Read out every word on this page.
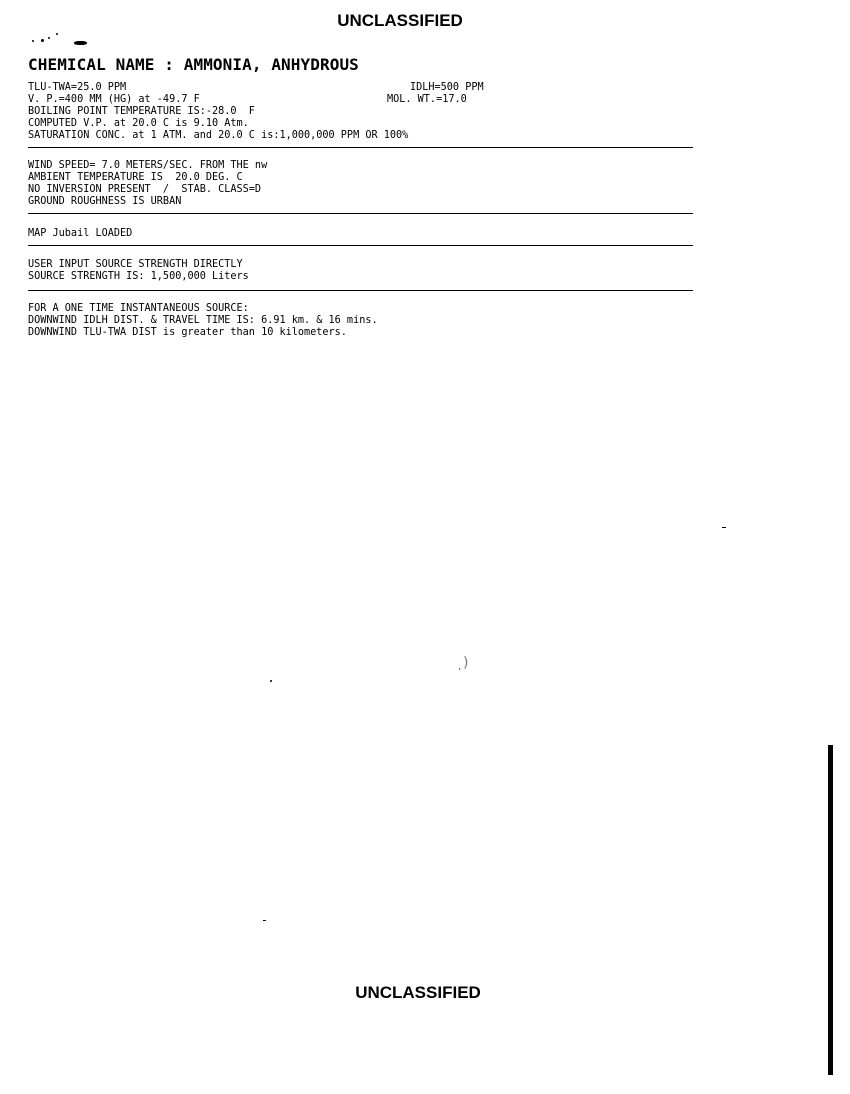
UNCLASSIFIED
CHEMICAL NAME : AMMONIA, ANHYDROUS
TLU-TWA=25.0 PPM	IDLH=500 PPM
V. P.=400 MM (HG) at -49.7 F	MOL. WT.=17.0
BOILING POINT TEMPERATURE IS:-28.0  F
COMPUTED V.P. at 20.0 C is 9.10 Atm.
SATURATION CONC. at 1 ATM. and 20.0 C is:1,000,000 PPM OR 100%
WIND SPEED= 7.0 METERS/SEC. FROM THE nw
AMBIENT TEMPERATURE IS  20.0 DEG. C
NO INVERSION PRESENT  /  STAB. CLASS=D
GROUND ROUGHNESS IS URBAN
MAP Jubail LOADED
USER INPUT SOURCE STRENGTH DIRECTLY
SOURCE STRENGTH IS: 1,500,000 Liters
FOR A ONE TIME INSTANTANEOUS SOURCE:
DOWNWIND IDLH DIST. & TRAVEL TIME IS: 6.91 km. & 16 mins.
DOWNWIND TLU-TWA DIST is greater than 10 kilometers.
ͺ)
UNCLASSIFIED
